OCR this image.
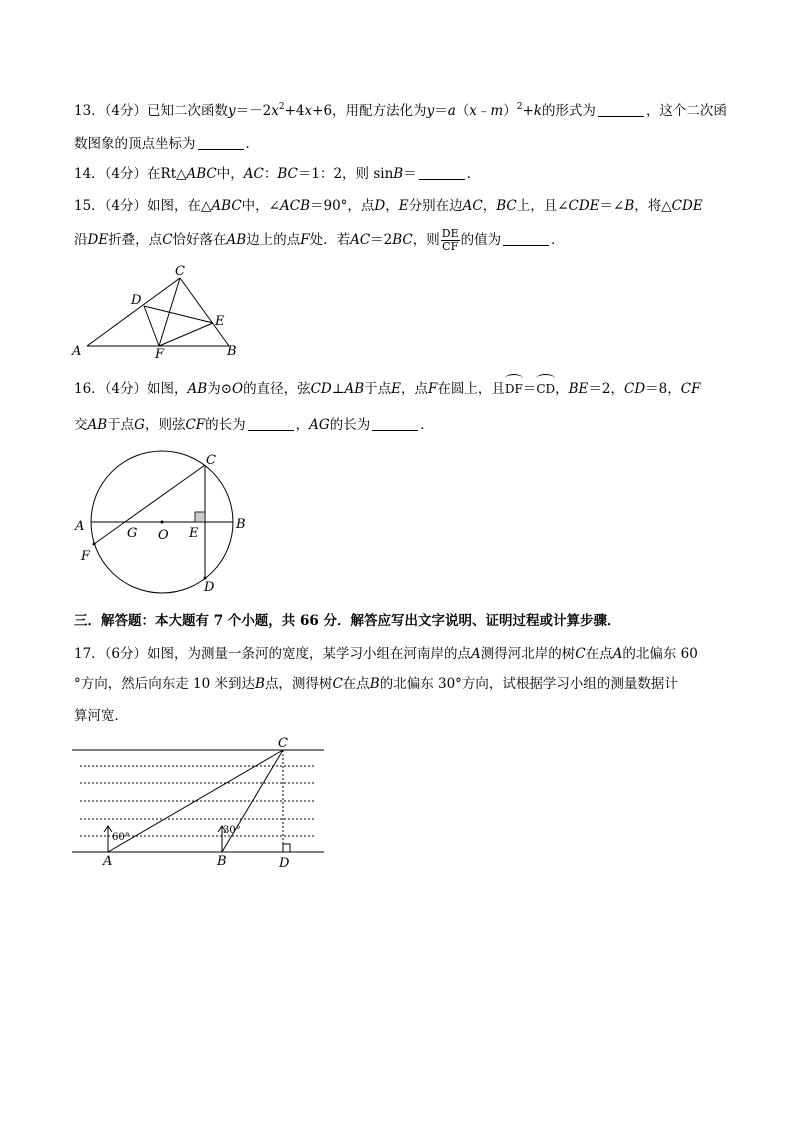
13．（4分）已知二次函数$y=-2x^2+4x+6$，用配方法化为y＝a（x﹣m）$^2$+k的形式为	，这个二次函
数图象的顶点坐标为	．
14．（4分）在Rt△ABC中，AC：BC＝1：2，则 sinB＝	．
15．（4分）如图，在△ABC中，∠ACB＝90°，点D，E分别在边AC，BC上，且∠CDE＝∠B，将△CDE
沿DE折叠，点C恰好落在AB边上的点F处．若AC＝2BC，则 $\frac{DE}{CF}$ 的值为	．
C
D
E
A	F	B
16．（4分）如图，AB为⊙O的直径，弦CD⊥AB于点E，点F在圆上，且DF＝CD，BE＝2，CD＝8，CF
交AB于点G，则弦CF的长为	，AG的长为	．
C
A	B
G O E
F
D
三．解答题：本大题有 7 个小题，共 66 分．解答应写出文字说明、证明过程或计算步骤．
17．（6分）如图，为测量一条河的宽度，某学习小组在河南岸的点A测得河北岸的树C在点A的北偏东 60
°方向，然后向东走 10 米到达B点，测得树C在点B的北偏东 30°方向，试根据学习小组的测量数据计
算河宽．
C
A	B	D
60°
30°
